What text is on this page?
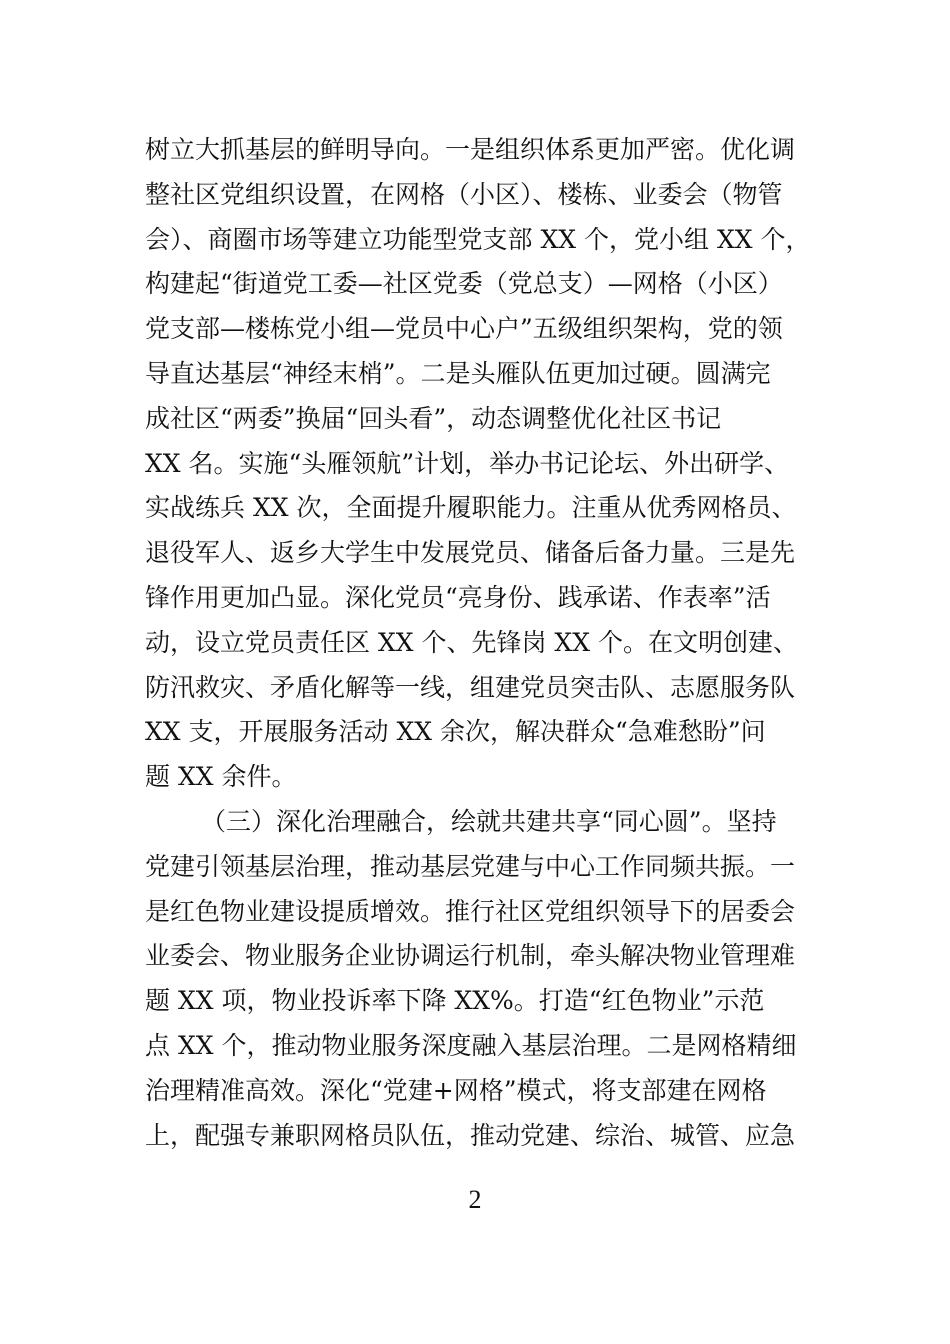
树立大抓基层的鲜明导向。一是组织体系更加严密。优化调
整社区党组织设置，在网格（小区）、楼栋、业委会（物管
会）、商圈市场等建立功能型党支部 XX 个，党小组 XX 个，
构建起“街道党工委—社区党委（党总支）—网格（小区）
党支部—楼栋党小组—党员中心户”五级组织架构，党的领
导直达基层“神经末梢”。二是头雁队伍更加过硬。圆满完
成社区“两委”换届“回头看”，动态调整优化社区书记
XX 名。实施“头雁领航”计划，举办书记论坛、外出研学、
实战练兵 XX 次，全面提升履职能力。注重从优秀网格员、
退役军人、返乡大学生中发展党员、储备后备力量。三是先
锋作用更加凸显。深化党员“亮身份、践承诺、作表率”活
动，设立党员责任区 XX 个、先锋岗 XX 个。在文明创建、
防汛救灾、矛盾化解等一线，组建党员突击队、志愿服务队
XX 支，开展服务活动 XX 余次，解决群众“急难愁盼”问
题 XX 余件。
（三）深化治理融合，绘就共建共享“同心圆”。坚持
党建引领基层治理，推动基层党建与中心工作同频共振。一
是红色物业建设提质增效。推行社区党组织领导下的居委会
业委会、物业服务企业协调运行机制，牵头解决物业管理难
题 XX 项，物业投诉率下降 XX%。打造“红色物业”示范
点 XX 个，推动物业服务深度融入基层治理。二是网格精细
治理精准高效。深化“党建+网格”模式，将支部建在网格
上，配强专兼职网格员队伍，推动党建、综治、城管、应急
2
